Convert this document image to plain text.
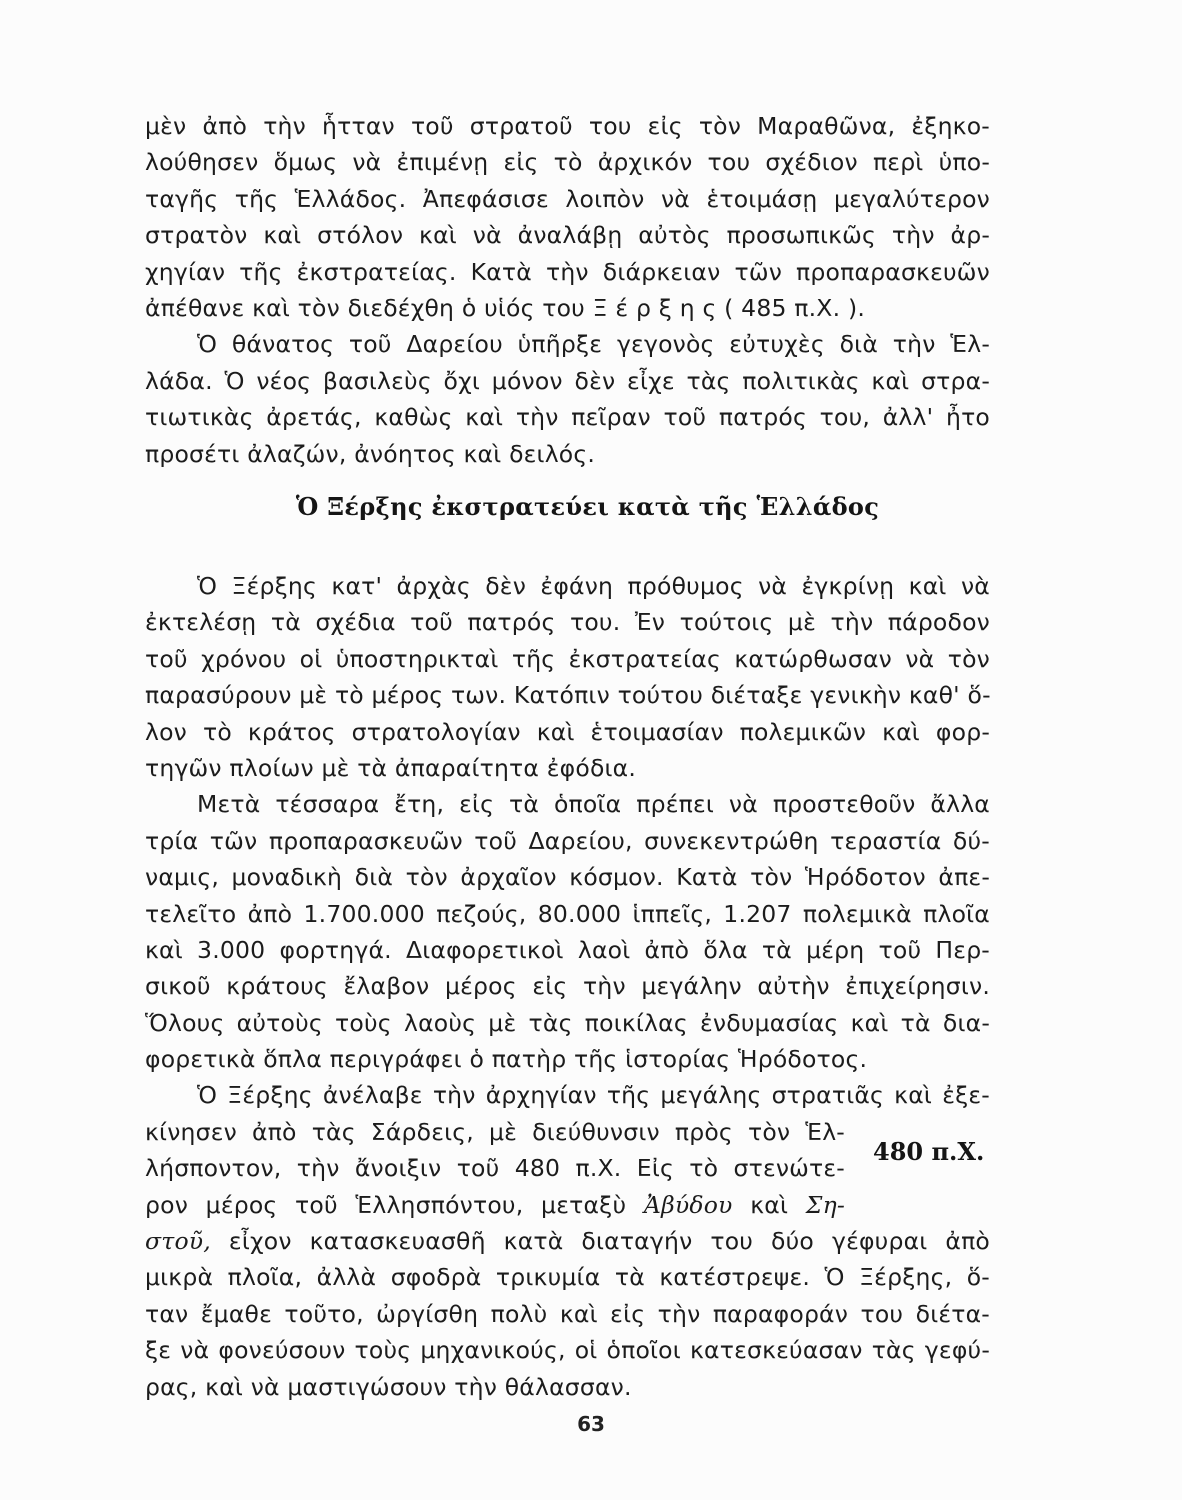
μὲν ἀπὸ τὴν ἧτταν τοῦ στρατοῦ του εἰς τὸν Μαραθῶνα, ἐξηκο-
λούθησεν ὅμως νὰ ἐπιμένῃ εἰς τὸ ἀρχικόν του σχέδιον περὶ ὑπο-
ταγῆς τῆς Ἑλλάδος. Ἀπεφάσισε λοιπὸν νὰ ἑτοιμάσῃ μεγαλύτερον
στρατὸν καὶ στόλον καὶ νὰ ἀναλάβῃ αὐτὸς προσωπικῶς τὴν ἀρ-
χηγίαν τῆς ἐκστρατείας. Κατὰ τὴν διάρκειαν τῶν προπαρασκευῶν
ἀπέθανε καὶ τὸν διεδέχθη ὁ υἱός του Ξ έ ρ ξ η ς ( 485 π.Χ. ).
Ὁ θάνατος τοῦ Δαρείου ὑπῆρξε γεγονὸς εὐτυχὲς διὰ τὴν Ἑλ-
λάδα. Ὁ νέος βασιλεὺς ὄχι μόνον δὲν εἶχε τὰς πολιτικὰς καὶ στρα-
τιωτικὰς ἀρετάς, καθὼς καὶ τὴν πεῖραν τοῦ πατρός του, ἀλλ' ἦτο
προσέτι ἀλαζών, ἀνόητος καὶ δειλός.
Ὁ Ξέρξης ἐκστρατεύει κατὰ τῆς Ἑλλάδος
Ὁ Ξέρξης κατ' ἀρχὰς δὲν ἐφάνη πρόθυμος νὰ ἐγκρίνῃ καὶ νὰ
ἐκτελέσῃ τὰ σχέδια τοῦ πατρός του. Ἐν τούτοις μὲ τὴν πάροδον
τοῦ χρόνου οἱ ὑποστηρικταὶ τῆς ἐκστρατείας κατώρθωσαν νὰ τὸν
παρασύρουν μὲ τὸ μέρος των. Κατόπιν τούτου διέταξε γενικὴν καθ' ὅ-
λον τὸ κράτος στρατολογίαν καὶ ἑτοιμασίαν πολεμικῶν καὶ φορ-
τηγῶν πλοίων μὲ τὰ ἀπαραίτητα ἐφόδια.
Μετὰ τέσσαρα ἔτη, εἰς τὰ ὁποῖα πρέπει νὰ προστεθοῦν ἄλλα
τρία τῶν προπαρασκευῶν τοῦ Δαρείου, συνεκεντρώθη τεραστία δύ-
ναμις, μοναδικὴ διὰ τὸν ἀρχαῖον κόσμον. Κατὰ τὸν Ἡρόδοτον ἀπε-
τελεῖτο ἀπὸ 1.700.000 πεζούς, 80.000 ἱππεῖς, 1.207 πολεμικὰ πλοῖα
καὶ 3.000 φορτηγά. Διαφορετικοὶ λαοὶ ἀπὸ ὅλα τὰ μέρη τοῦ Περ-
σικοῦ κράτους ἔλαβον μέρος εἰς τὴν μεγάλην αὐτὴν ἐπιχείρησιν.
Ὅλους αὐτοὺς τοὺς λαοὺς μὲ τὰς ποικίλας ἐνδυμασίας καὶ τὰ δια-
φορετικὰ ὅπλα περιγράφει ὁ πατὴρ τῆς ἱστορίας Ἡρόδοτος.
Ὁ Ξέρξης ἀνέλαβε τὴν ἀρχηγίαν τῆς μεγάλης στρατιᾶς καὶ ἐξε-
κίνησεν ἀπὸ τὰς Σάρδεις, μὲ διεύθυνσιν πρὸς τὸν Ἑλ-
λήσποντον, τὴν ἄνοιξιν τοῦ 480 π.Χ. Εἰς τὸ στενώτε-
ρον μέρος τοῦ Ἑλλησπόντου, μεταξὺ Ἀβύδου καὶ Ση-
στοῦ, εἶχον κατασκευασθῆ κατὰ διαταγήν του δύο γέφυραι ἀπὸ
μικρὰ πλοῖα, ἀλλὰ σφοδρὰ τρικυμία τὰ κατέστρεψε. Ὁ Ξέρξης, ὅ-
ταν ἔμαθε τοῦτο, ὠργίσθη πολὺ καὶ εἰς τὴν παραφοράν του διέτα-
ξε νὰ φονεύσουν τοὺς μηχανικούς, οἱ ὁποῖοι κατεσκεύασαν τὰς γεφύ-
ρας, καὶ νὰ μαστιγώσουν τὴν θάλασσαν.
480 π.Χ.
63
